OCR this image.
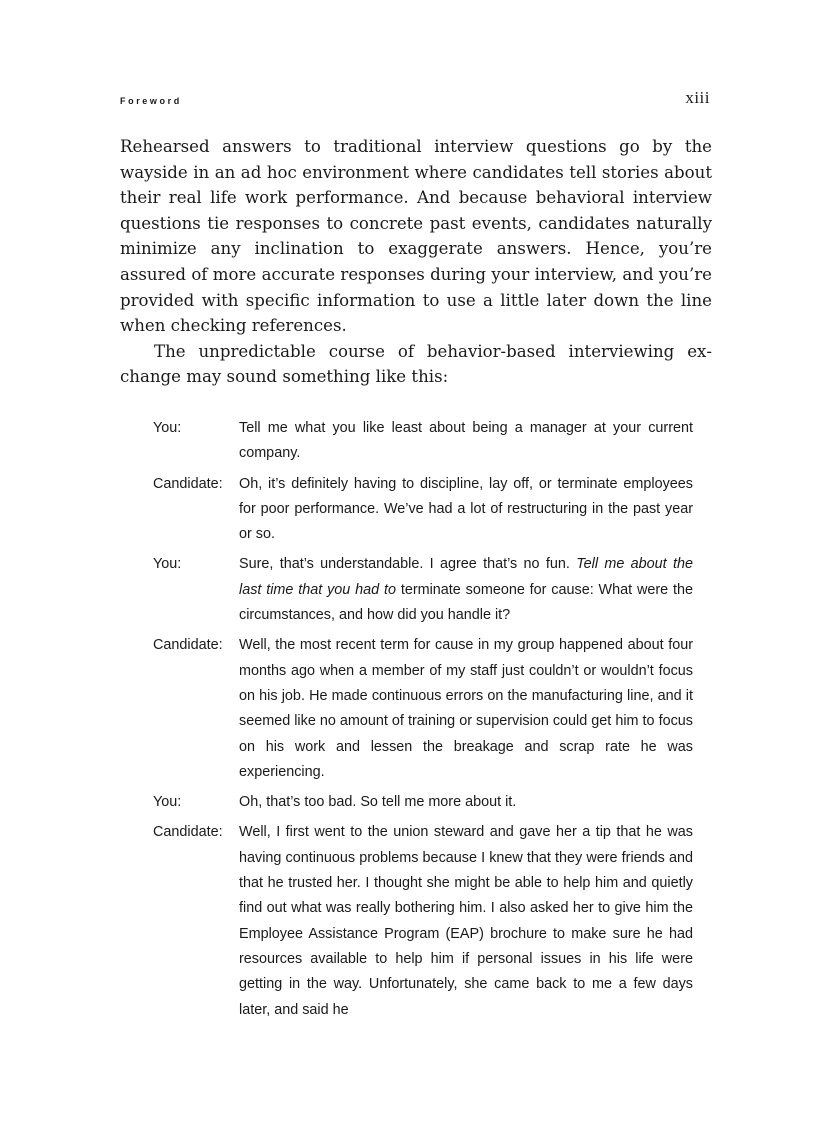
Foreword	xiii

Rehearsed answers to traditional interview questions go by the wayside in an ad hoc environment where candidates tell stories about their real life work performance. And because behavioral interview questions tie responses to concrete past events, candidates naturally minimize any inclination to exaggerate answers. Hence, you’re assured of more accurate responses during your interview, and you’re provided with specific information to use a little later down the line when checking references.

The unpredictable course of behavior-based interviewing exchange may sound something like this:

You:	Tell me what you like least about being a manager at your current company.
Candidate:	Oh, it’s definitely having to discipline, lay off, or terminate employees for poor performance. We’ve had a lot of restructuring in the past year or so.
You:	Sure, that’s understandable. I agree that’s no fun. Tell me about the last time that you had to terminate someone for cause: What were the circumstances, and how did you handle it?
Candidate:	Well, the most recent term for cause in my group happened about four months ago when a member of my staff just couldn’t or wouldn’t focus on his job. He made continuous errors on the manufacturing line, and it seemed like no amount of training or supervision could get him to focus on his work and lessen the breakage and scrap rate he was experiencing.
You:	Oh, that’s too bad. So tell me more about it.
Candidate:	Well, I first went to the union steward and gave her a tip that he was having continuous problems because I knew that they were friends and that he trusted her. I thought she might be able to help him and quietly find out what was really bothering him. I also asked her to give him the Employee Assistance Program (EAP) brochure to make sure he had resources available to help him if personal issues in his life were getting in the way. Unfortunately, she came back to me a few days later, and said he
